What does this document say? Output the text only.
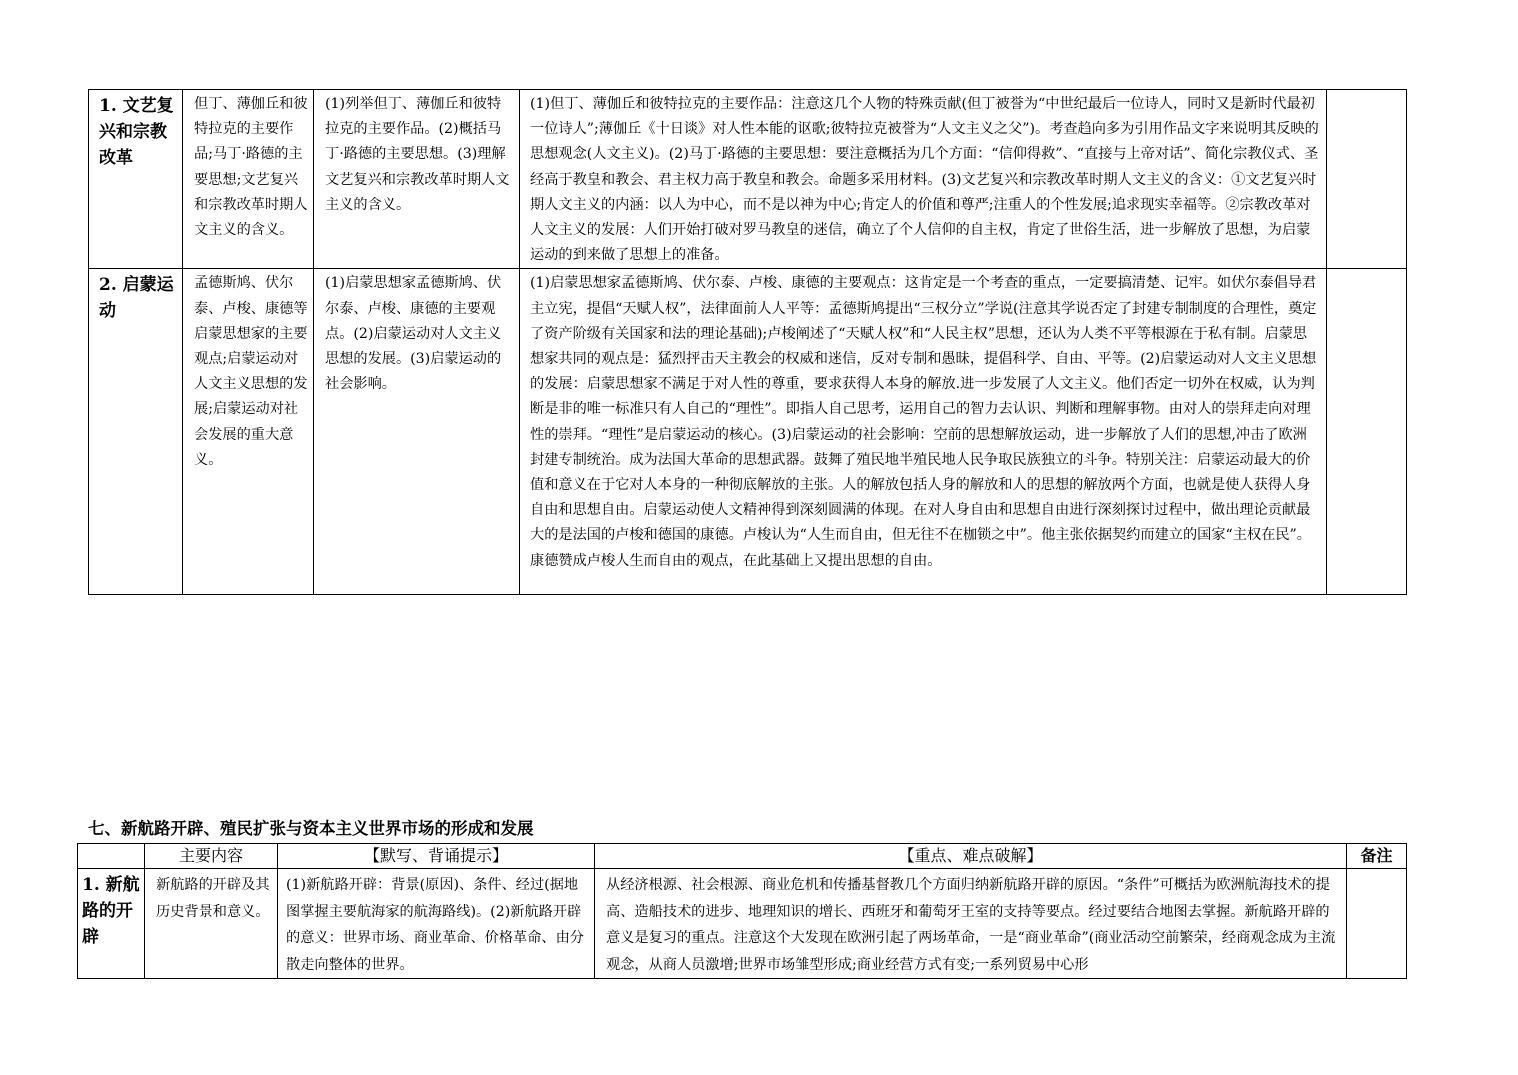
1. 文艺复兴和宗教改革	但丁、薄伽丘和彼特拉克的主要作品;马丁·路德的主要思想;文艺复兴和宗教改革时期人文主义的含义。	(1)列举但丁、薄伽丘和彼特拉克的主要作品。(2)概括马丁·路德的主要思想。(3)理解文艺复兴和宗教改革时期人文主义的含义。	(1)但丁、薄伽丘和彼特拉克的主要作品：注意这几个人物的特殊贡献(但丁被誉为“中世纪最后一位诗人，同时又是新时代最初一位诗人”;薄伽丘《十日谈》对人性本能的讴歌;彼特拉克被誉为“人文主义之父”)。考查趋向多为引用作品文字来说明其反映的思想观念(人文主义)。(2)马丁·路德的主要思想：要注意概括为几个方面：“信仰得救”、“直接与上帝对话”、简化宗教仪式、圣经高于教皇和教会、君主权力高于教皇和教会。命题多采用材料。(3)文艺复兴和宗教改革时期人文主义的含义：①文艺复兴时期人文主义的内涵：以人为中心，而不是以神为中心;肯定人的价值和尊严;注重人的个性发展;追求现实幸福等。②宗教改革对人文主义的发展：人们开始打破对罗马教皇的迷信，确立了个人信仰的自主权，肯定了世俗生活，进一步解放了思想，为启蒙运动的到来做了思想上的准备。	

2. 启蒙运动	孟德斯鸠、伏尔泰、卢梭、康德等启蒙思想家的主要观点;启蒙运动对人文主义思想的发展;启蒙运动对社会发展的重大意义。	(1)启蒙思想家孟德斯鸠、伏尔泰、卢梭、康德的主要观点。(2)启蒙运动对人文主义思想的发展。(3)启蒙运动的社会影响。	(1)启蒙思想家孟德斯鸠、伏尔泰、卢梭、康德的主要观点：这肯定是一个考查的重点，一定要搞清楚、记牢。如伏尔泰倡导君主立宪，提倡“天赋人权”，法律面前人人平等：孟德斯鸠提出“三权分立”学说(注意其学说否定了封建专制制度的合理性，奠定了资产阶级有关国家和法的理论基础);卢梭阐述了“天赋人权”和“人民主权”思想，还认为人类不平等根源在于私有制。启蒙思想家共同的观点是：猛烈抨击天主教会的权威和迷信，反对专制和愚昧，提倡科学、自由、平等。(2)启蒙运动对人文主义思想的发展：启蒙思想家不满足于对人性的尊重，要求获得人本身的解放.进一步发展了人文主义。他们否定一切外在权威，认为判断是非的唯一标准只有人自己的“理性”。即指人自己思考，运用自己的智力去认识、判断和理解事物。由对人的崇拜走向对理性的崇拜。“理性”是启蒙运动的核心。(3)启蒙运动的社会影响：空前的思想解放运动，进一步解放了人们的思想,冲击了欧洲封建专制统治。成为法国大革命的思想武器。鼓舞了殖民地半殖民地人民争取民族独立的斗争。特别关注：启蒙运动最大的价值和意义在于它对人本身的一种彻底解放的主张。人的解放包括人身的解放和人的思想的解放两个方面，也就是使人获得人身自由和思想自由。启蒙运动使人文精神得到深刻圆满的体现。在对人身自由和思想自由进行深刻探讨过程中，做出理论贡献最大的是法国的卢梭和德国的康德。卢梭认为“人生而自由，但无往不在枷锁之中”。他主张依据契约而建立的国家“主权在民”。康德赞成卢梭人生而自由的观点，在此基础上又提出思想的自由。	

七、新航路开辟、殖民扩张与资本主义世界市场的形成和发展
	主要内容	【默写、背诵提示】	【重点、难点破解】	备注

1. 新航路的开辟	新航路的开辟及其历史背景和意义。	(1)新航路开辟：背景(原因)、条件、经过(据地图掌握主要航海家的航海路线)。(2)新航路开辟的意义：世界市场、商业革命、价格革命、由分散走向整体的世界。	从经济根源、社会根源、商业危机和传播基督教几个方面归纳新航路开辟的原因。“条件”可概括为欧洲航海技术的提高、造船技术的进步、地理知识的增长、西班牙和葡萄牙王室的支持等要点。经过要结合地图去掌握。新航路开辟的意义是复习的重点。注意这个大发现在欧洲引起了两场革命，一是“商业革命”(商业活动空前繁荣，经商观念成为主流观念，从商人员激增;世界市场雏型形成;商业经营方式有变;一系列贸易中心形	
